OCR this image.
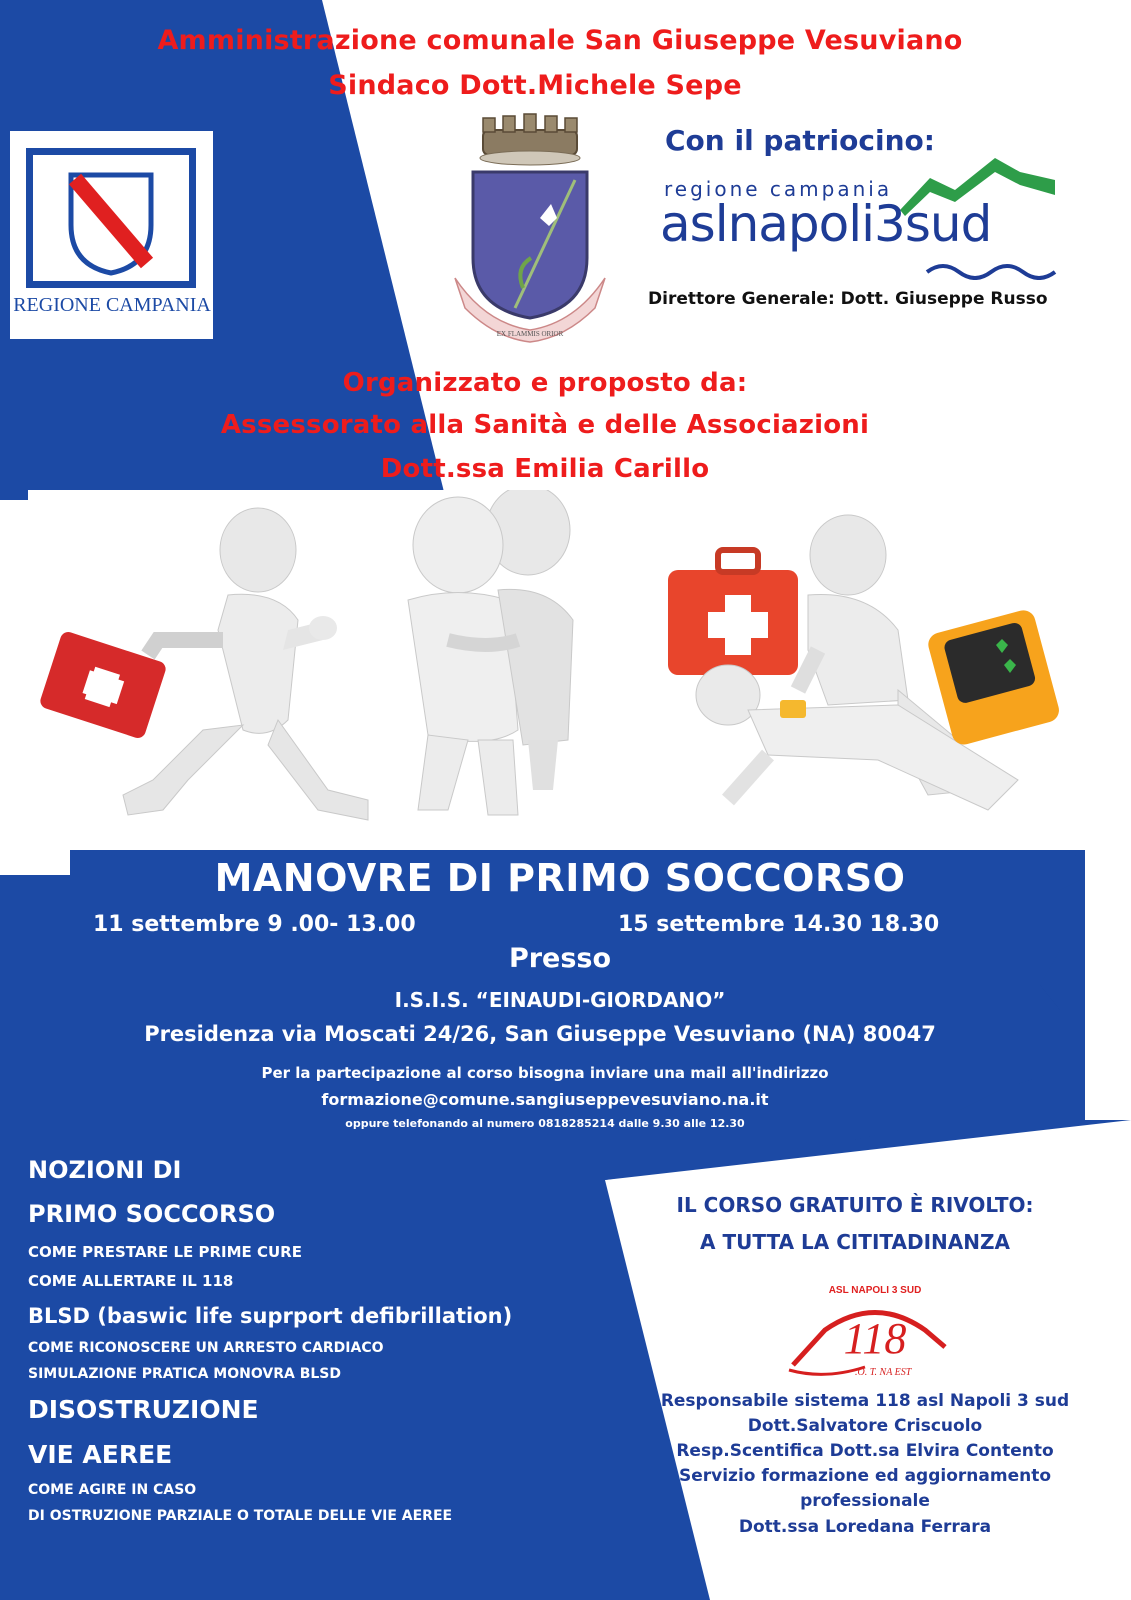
Amministrazione comunale San Giuseppe Vesuviano
Sindaco Dott.Michele Sepe
REGIONE CAMPANIA
EX FLAMMIS ORIOR
Con il patriocino:
regione campania
aslnapoli3sud
Direttore Generale: Dott. Giuseppe Russo
Organizzato e proposto da:
Assessorato alla Sanità e delle Associazioni
Dott.ssa Emilia Carillo
MANOVRE DI PRIMO SOCCORSO
11 settembre 9 .00- 13.00	15 settembre 14.30 18.30
Presso
I.S.I.S. “EINAUDI-GIORDANO”
Presidenza via Moscati 24/26, San Giuseppe Vesuviano (NA) 80047
Per la partecipazione al corso bisogna inviare una mail all'indirizzo
formazione@comune.sangiuseppevesuviano.na.it
oppure telefonando al numero 0818285214 dalle 9.30 alle 12.30
NOZIONI DI
PRIMO SOCCORSO
COME PRESTARE LE PRIME CURE
COME ALLERTARE IL 118
BLSD (baswic life suprport defibrillation)
COME RICONOSCERE UN ARRESTO CARDIACO
SIMULAZIONE PRATICA MONOVRA BLSD
DISOSTRUZIONE
VIE AEREE
COME AGIRE IN CASO
DI OSTRUZIONE PARZIALE O TOTALE DELLE VIE AEREE
IL CORSO GRATUITO È RIVOLTO:
A TUTTA LA CITITADINANZA
ASL NAPOLI 3 SUD
118
.O. T. NA EST
Responsabile sistema 118 asl Napoli 3 sud
Dott.Salvatore Criscuolo
Resp.Scentifica Dott.sa Elvira Contento
Servizio formazione ed aggiornamento
professionale
Dott.ssa Loredana Ferrara
